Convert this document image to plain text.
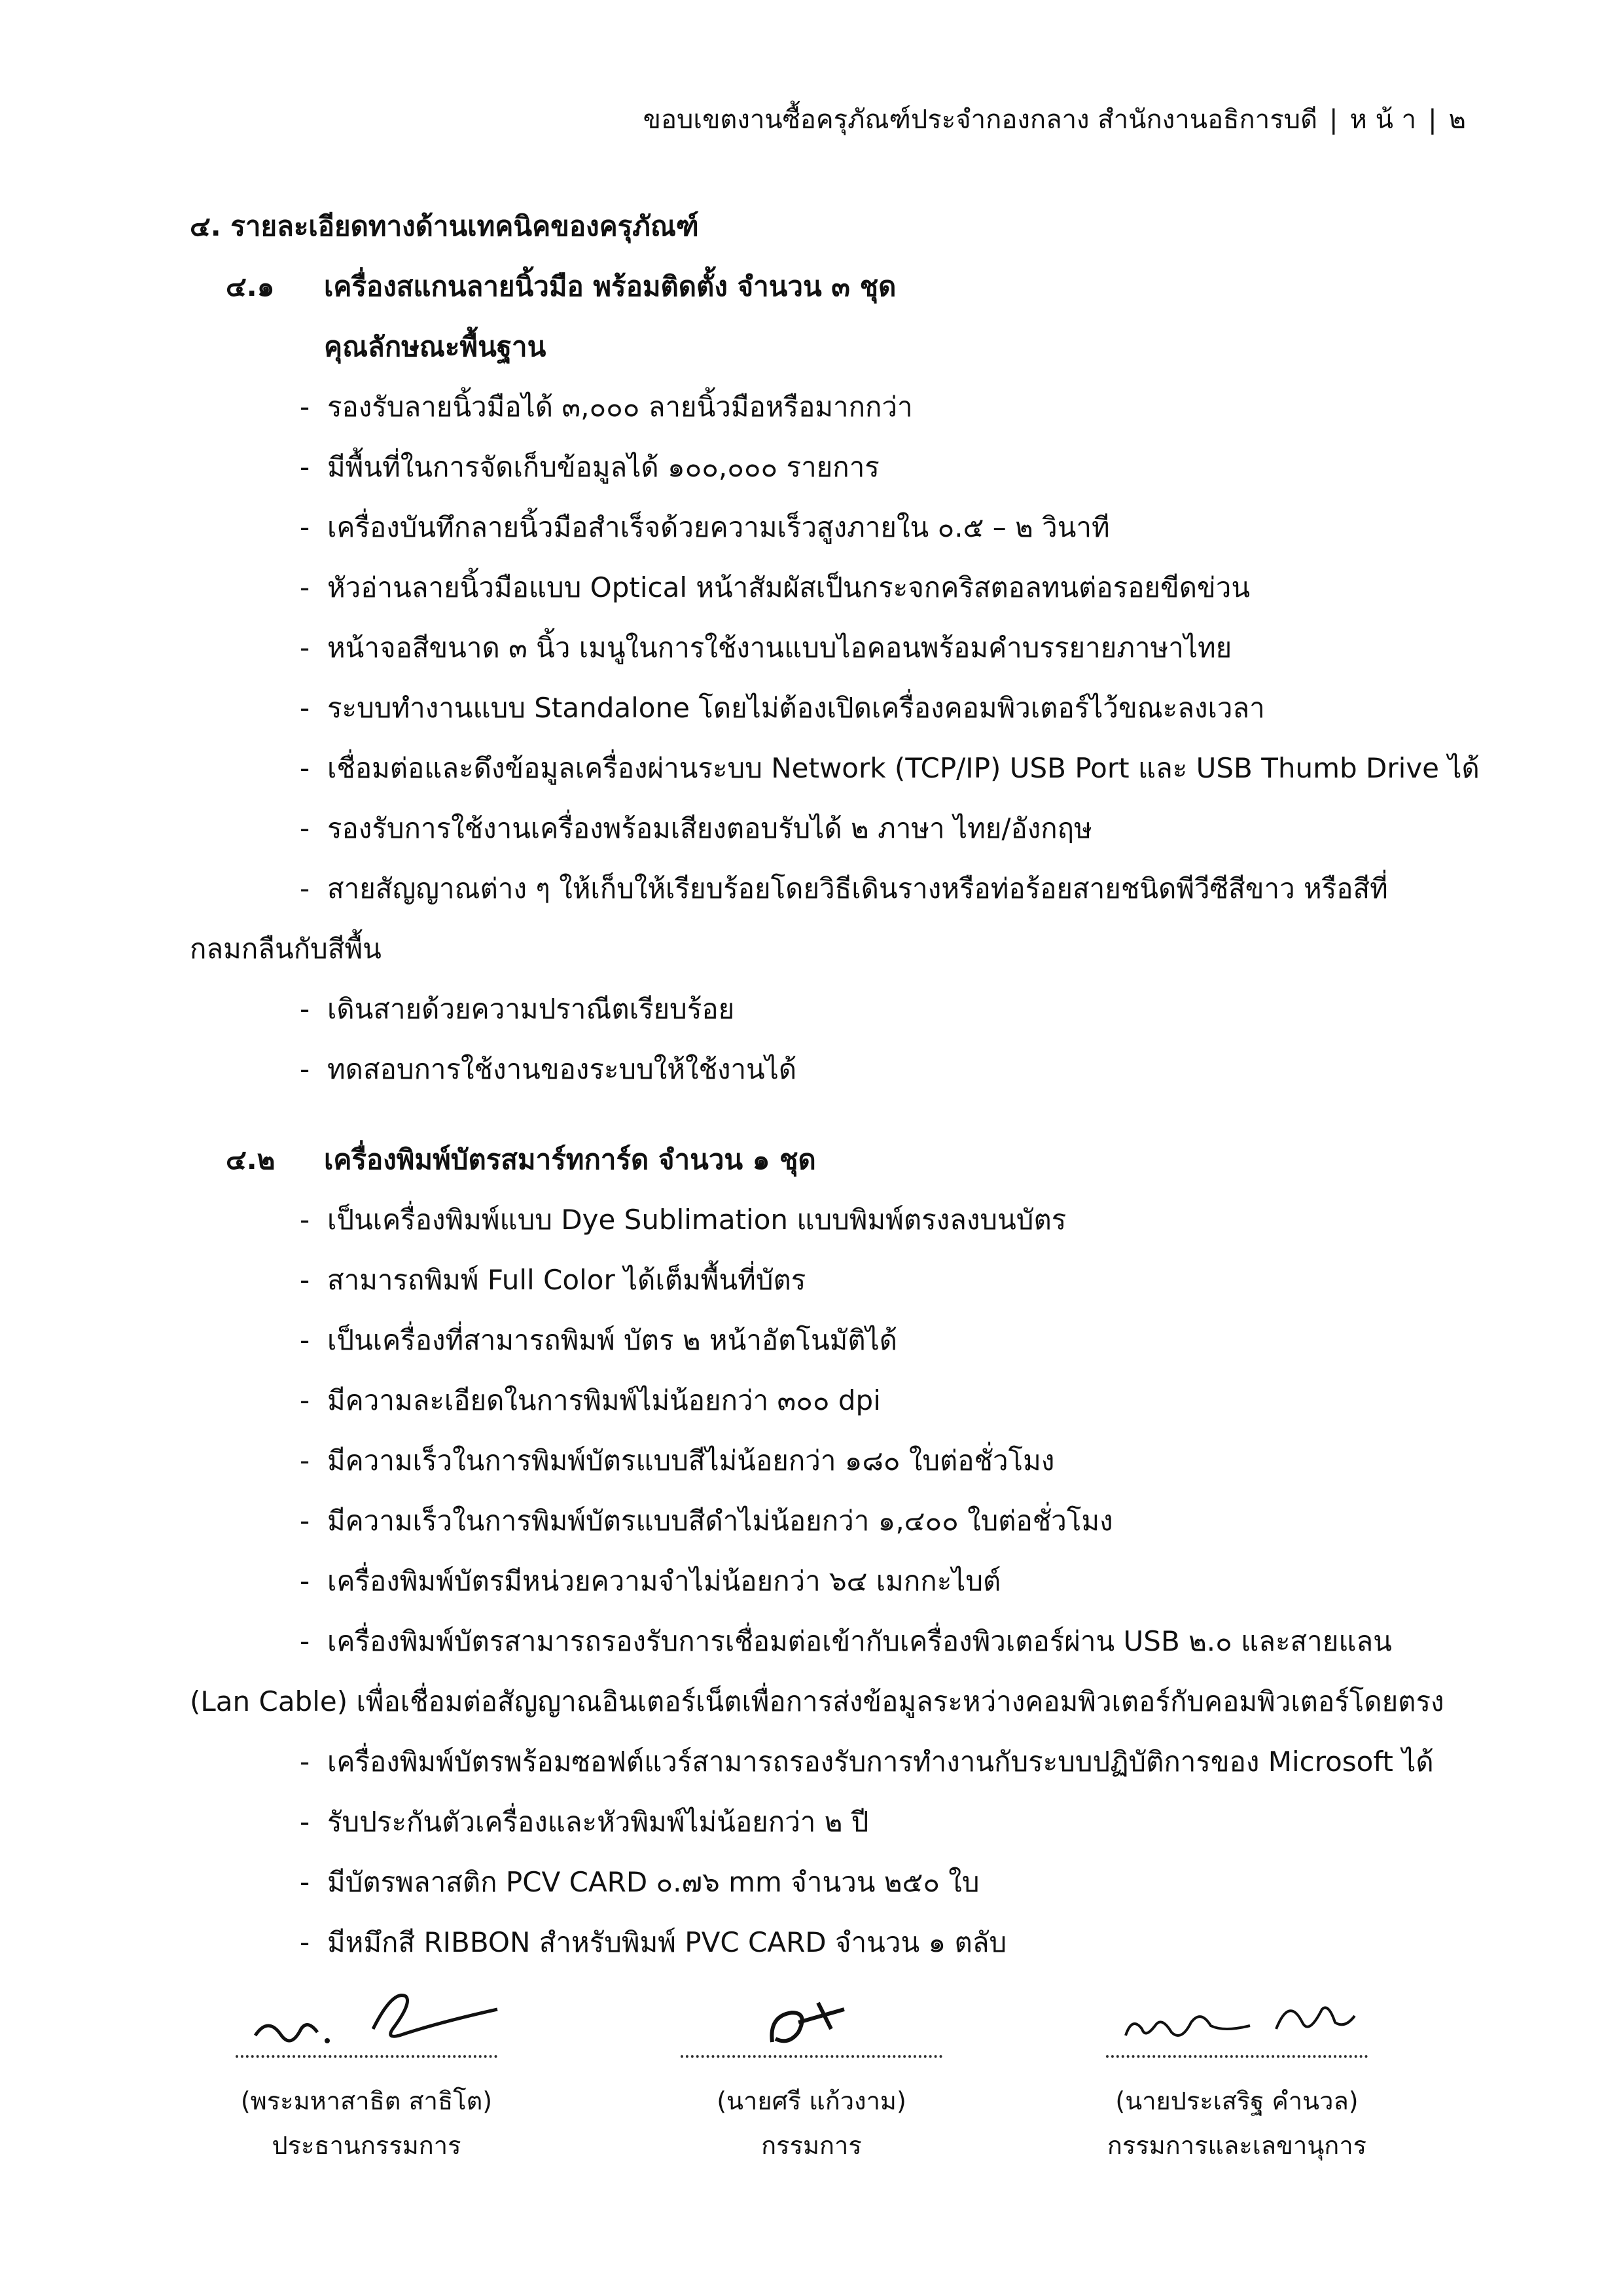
ขอบเขตงานซื้อครุภัณฑ์ประจำกองกลาง สำนักงานอธิการบดี | ห น้ า | ๒
๔. รายละเอียดทางด้านเทคนิคของครุภัณฑ์
๔.๑ เครื่องสแกนลายนิ้วมือ พร้อมติดตั้ง จำนวน ๓ ชุด
คุณลักษณะพื้นฐาน
- รองรับลายนิ้วมือได้ ๓,๐๐๐ ลายนิ้วมือหรือมากกว่า
- มีพื้นที่ในการจัดเก็บข้อมูลได้ ๑๐๐,๐๐๐ รายการ
- เครื่องบันทึกลายนิ้วมือสำเร็จด้วยความเร็วสูงภายใน ๐.๕ – ๒ วินาที
- หัวอ่านลายนิ้วมือแบบ Optical หน้าสัมผัสเป็นกระจกคริสตอลทนต่อรอยขีดข่วน
- หน้าจอสีขนาด ๓ นิ้ว เมนูในการใช้งานแบบไอคอนพร้อมคำบรรยายภาษาไทย
- ระบบทำงานแบบ Standalone โดยไม่ต้องเปิดเครื่องคอมพิวเตอร์ไว้ขณะลงเวลา
- เชื่อมต่อและดึงข้อมูลเครื่องผ่านระบบ Network (TCP/IP) USB Port และ USB Thumb Drive ได้
- รองรับการใช้งานเครื่องพร้อมเสียงตอบรับได้ ๒ ภาษา ไทย/อังกฤษ
- สายสัญญาณต่าง ๆ ให้เก็บให้เรียบร้อยโดยวิธีเดินรางหรือท่อร้อยสายชนิดพีวีซีสีขาว หรือสีที่
กลมกลืนกับสีพื้น
- เดินสายด้วยความปราณีตเรียบร้อย
- ทดสอบการใช้งานของระบบให้ใช้งานได้
๔.๒ เครื่องพิมพ์บัตรสมาร์ทการ์ด จำนวน ๑ ชุด
- เป็นเครื่องพิมพ์แบบ Dye Sublimation แบบพิมพ์ตรงลงบนบัตร
- สามารถพิมพ์ Full Color ได้เต็มพื้นที่บัตร
- เป็นเครื่องที่สามารถพิมพ์ บัตร ๒ หน้าอัตโนมัติได้
- มีความละเอียดในการพิมพ์ไม่น้อยกว่า ๓๐๐ dpi
- มีความเร็วในการพิมพ์บัตรแบบสีไม่น้อยกว่า ๑๘๐ ใบต่อชั่วโมง
- มีความเร็วในการพิมพ์บัตรแบบสีดำไม่น้อยกว่า ๑,๔๐๐ ใบต่อชั่วโมง
- เครื่องพิมพ์บัตรมีหน่วยความจำไม่น้อยกว่า ๖๔ เมกกะไบต์
- เครื่องพิมพ์บัตรสามารถรองรับการเชื่อมต่อเข้ากับเครื่องพิวเตอร์ผ่าน USB ๒.๐ และสายแลน
(Lan Cable) เพื่อเชื่อมต่อสัญญาณอินเตอร์เน็ตเพื่อการส่งข้อมูลระหว่างคอมพิวเตอร์กับคอมพิวเตอร์โดยตรง
- เครื่องพิมพ์บัตรพร้อมซอฟต์แวร์สามารถรองรับการทำงานกับระบบปฏิบัติการของ Microsoft ได้
- รับประกันตัวเครื่องและหัวพิมพ์ไม่น้อยกว่า ๒ ปี
- มีบัตรพลาสติก PCV CARD ๐.๗๖ mm จำนวน ๒๕๐ ใบ
- มีหมึกสี RIBBON สำหรับพิมพ์ PVC CARD จำนวน ๑ ตลับ
(พระมหาสาธิต สาธิโต)
ประธานกรรมการ
(นายศรี แก้วงาม)
กรรมการ
(นายประเสริฐ คำนวล)
กรรมการและเลขานุการ
